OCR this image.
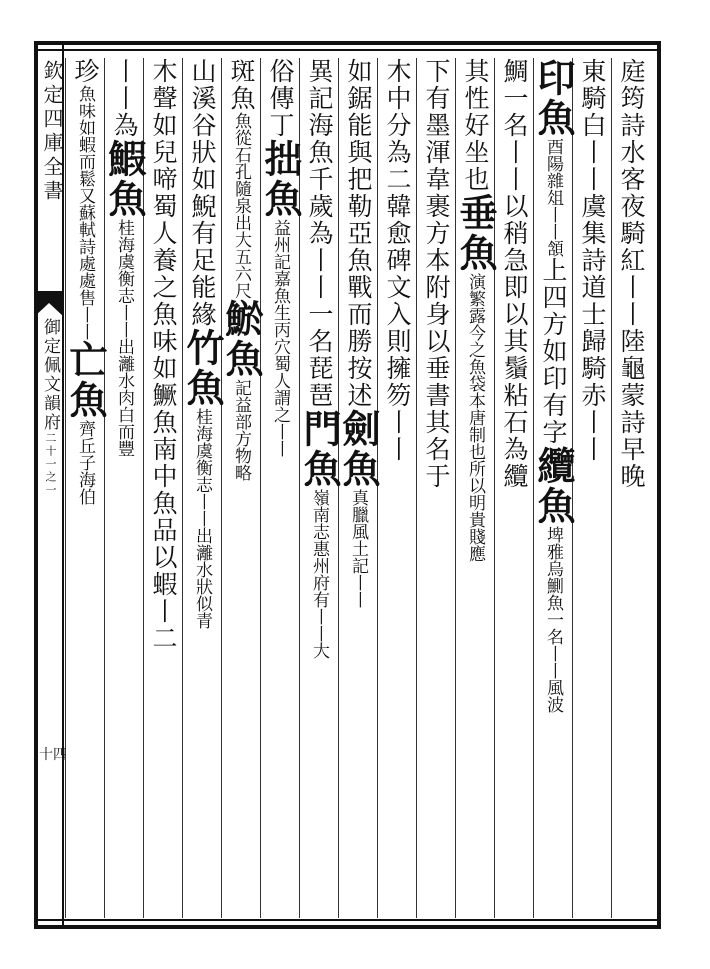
欽定四庫全書
御定佩文韻府二十一之一
十四
庭筠詩水客夜騎紅丨丨陸龜蒙詩早晚
東騎白丨丨虞集詩道士歸騎赤丨丨
印魚酉陽雜俎丨丨頷上四方如印有字纜魚埤雅烏鰂魚一名丨丨風波
鯛一名丨丨以稍急即以其鬚粘石為纜
其性好坐也垂魚演繁露今之魚袋本唐制也所以明貴賤應
下有墨渾韋裹方本附身以垂書其名于
木中分為二韓愈碑文入則擁笏丨丨
如鋸能與把勒亞魚戰而勝按述劍魚真臘風土記丨丨
異記海魚千歲為丨丨一名琵琶門魚嶺南志惠州府有丨丨大
俗傳丁拙魚益州記嘉魚生丙穴蜀人謂之丨丨
斑魚魚從石孔隨泉出大五六尺鯲魚記益部方物略
山溪谷狀如鯢有足能緣竹魚桂海虞衡志丨丨出灕水狀似青
木聲如兒啼蜀人養之魚味如鱖魚南中魚品以蝦丨二
丨丨為鰕魚桂海虞衡志丨丨出灕水肉白而豐
珍魚味如蝦而鬆又蘇軾詩處處售丨丨亡魚齊丘子海伯
